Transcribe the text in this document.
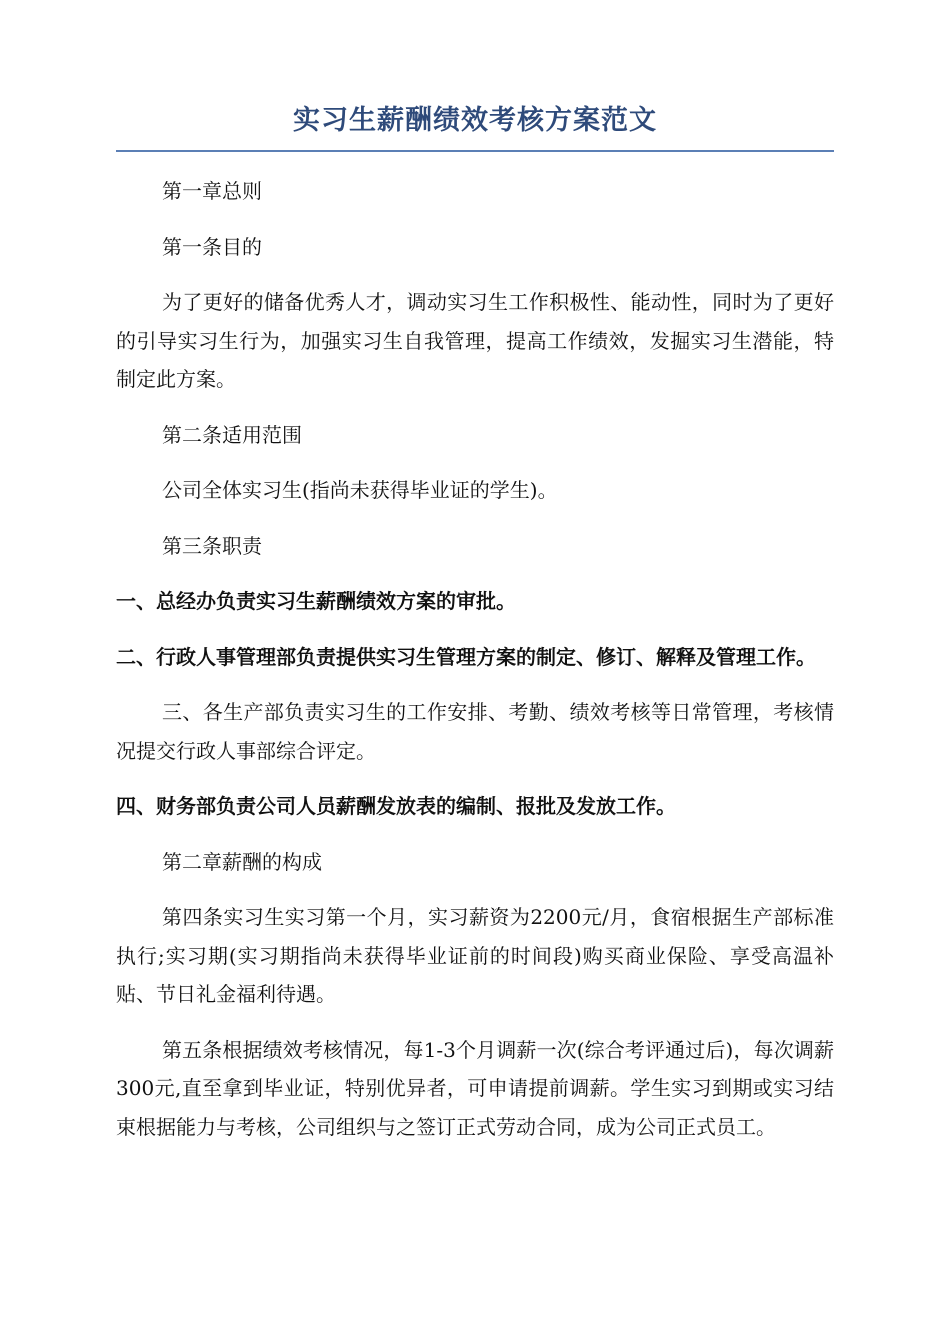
实习生薪酬绩效考核方案范文

第一章总则

第一条目的

为了更好的储备优秀人才，调动实习生工作积极性、能动性，同时为了更好的引导实习生行为，加强实习生自我管理，提高工作绩效，发掘实习生潜能，特制定此方案。

第二条适用范围

公司全体实习生(指尚未获得毕业证的学生)。

第三条职责

一、总经办负责实习生薪酬绩效方案的审批。

二、行政人事管理部负责提供实习生管理方案的制定、修订、解释及管理工作。

三、各生产部负责实习生的工作安排、考勤、绩效考核等日常管理，考核情况提交行政人事部综合评定。

四、财务部负责公司人员薪酬发放表的编制、报批及发放工作。

第二章薪酬的构成

第四条实习生实习第一个月，实习薪资为2200元/月，食宿根据生产部标准执行;实习期(实习期指尚未获得毕业证前的时间段)购买商业保险、享受高温补贴、节日礼金福利待遇。

第五条根据绩效考核情况，每1-3个月调薪一次(综合考评通过后)，每次调薪300元,直至拿到毕业证，特别优异者，可申请提前调薪。学生实习到期或实习结束根据能力与考核，公司组织与之签订正式劳动合同，成为公司正式员工。
